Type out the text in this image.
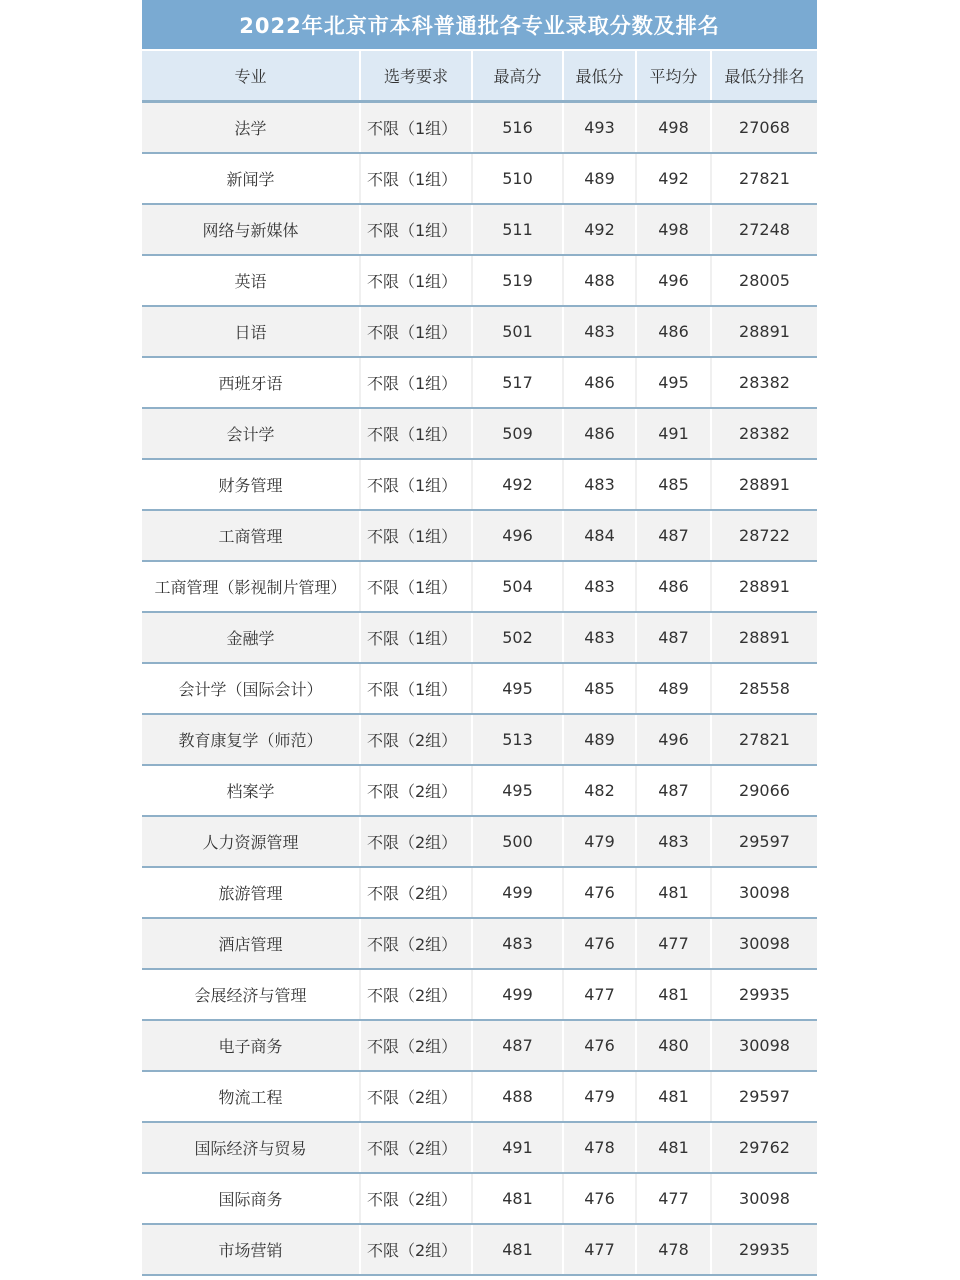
2022年北京市本科普通批各专业录取分数及排名
专业	选考要求	最高分	最低分	平均分	最低分排名
法学	不限（1组）	516	493	498	27068
新闻学	不限（1组）	510	489	492	27821
网络与新媒体	不限（1组）	511	492	498	27248
英语	不限（1组）	519	488	496	28005
日语	不限（1组）	501	483	486	28891
西班牙语	不限（1组）	517	486	495	28382
会计学	不限（1组）	509	486	491	28382
财务管理	不限（1组）	492	483	485	28891
工商管理	不限（1组）	496	484	487	28722
工商管理（影视制片管理）	不限（1组）	504	483	486	28891
金融学	不限（1组）	502	483	487	28891
会计学（国际会计）	不限（1组）	495	485	489	28558
教育康复学（师范）	不限（2组）	513	489	496	27821
档案学	不限（2组）	495	482	487	29066
人力资源管理	不限（2组）	500	479	483	29597
旅游管理	不限（2组）	499	476	481	30098
酒店管理	不限（2组）	483	476	477	30098
会展经济与管理	不限（2组）	499	477	481	29935
电子商务	不限（2组）	487	476	480	30098
物流工程	不限（2组）	488	479	481	29597
国际经济与贸易	不限（2组）	491	478	481	29762
国际商务	不限（2组）	481	476	477	30098
市场营销	不限（2组）	481	477	478	29935
